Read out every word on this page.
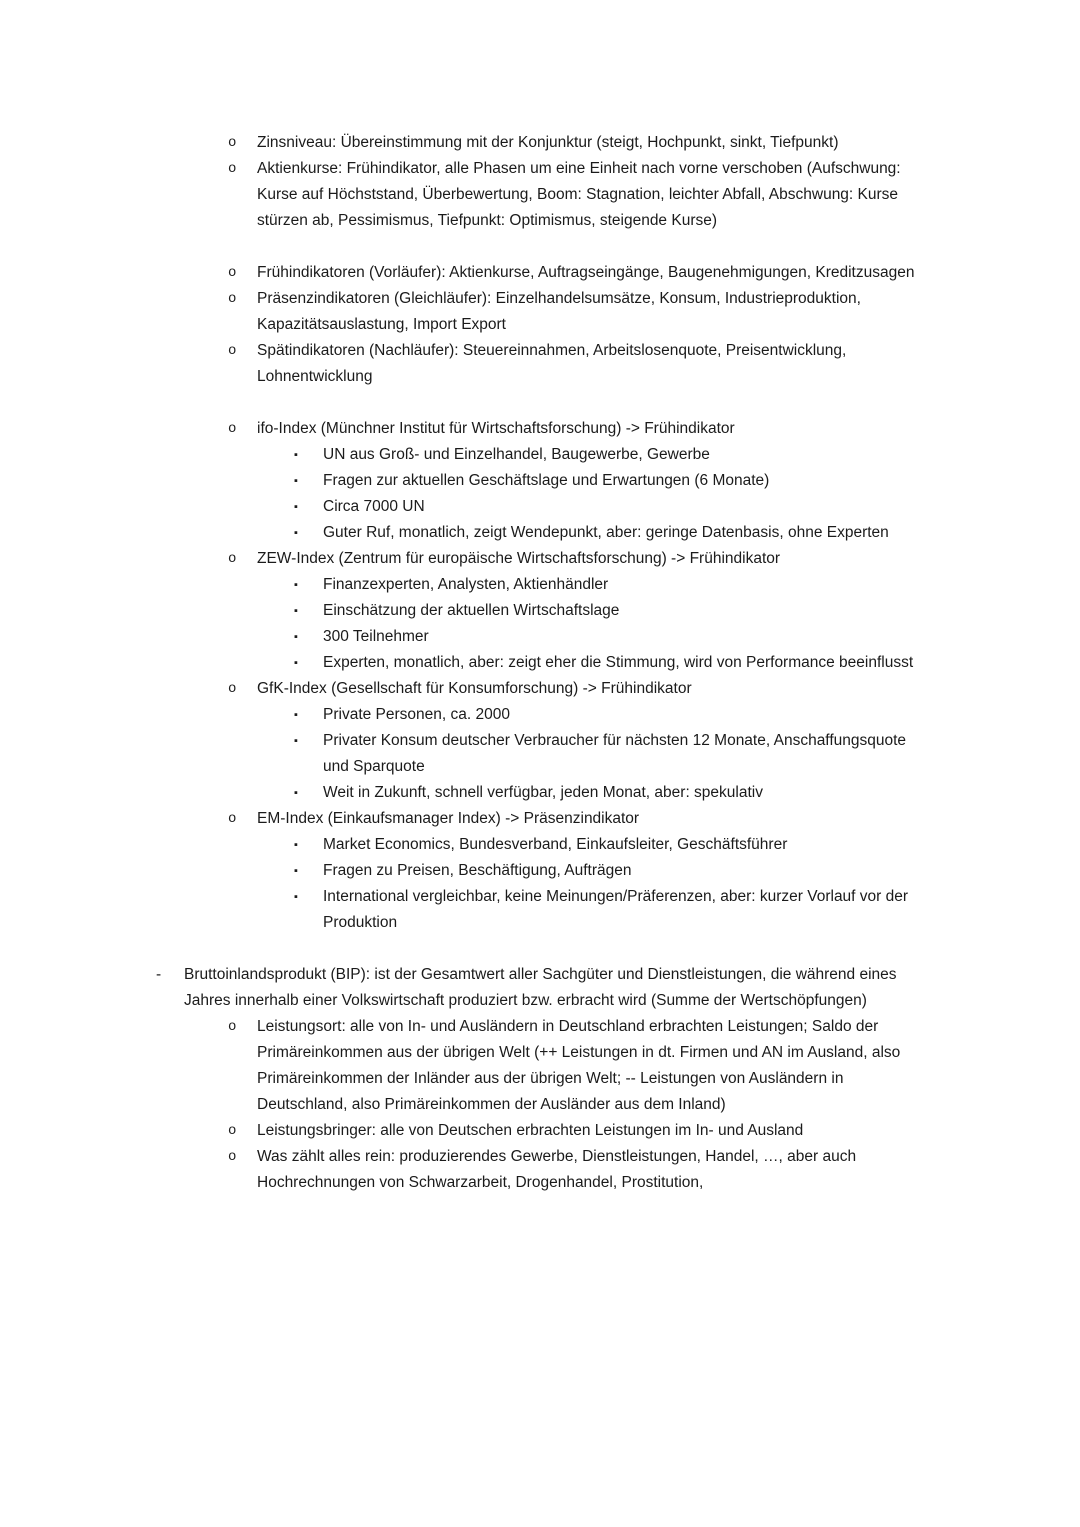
o Zinsniveau: Übereinstimmung mit der Konjunktur (steigt, Hochpunkt, sinkt, Tiefpunkt)
o Aktienkurse: Frühindikator, alle Phasen um eine Einheit nach vorne verschoben (Aufschwung: Kurse auf Höchststand, Überbewertung, Boom: Stagnation, leichter Abfall, Abschwung: Kurse stürzen ab, Pessimismus, Tiefpunkt: Optimismus, steigende Kurse)
o Frühindikatoren (Vorläufer): Aktienkurse, Auftragseingänge, Baugenehmigungen, Kreditzusagen
o Präsenzindikatoren (Gleichläufer): Einzelhandelsumsätze, Konsum, Industrieproduktion, Kapazitätsauslastung, Import Export
o Spätindikatoren (Nachläufer): Steuereinnahmen, Arbeitslosenquote, Preisentwicklung, Lohnentwicklung
o ifo-Index (Münchner Institut für Wirtschaftsforschung) -> Frühindikator
▪ UN aus Groß- und Einzelhandel, Baugewerbe, Gewerbe
▪ Fragen zur aktuellen Geschäftslage und Erwartungen (6 Monate)
▪ Circa 7000 UN
▪ Guter Ruf, monatlich, zeigt Wendepunkt, aber: geringe Datenbasis, ohne Experten
o ZEW-Index (Zentrum für europäische Wirtschaftsforschung) -> Frühindikator
▪ Finanzexperten, Analysten, Aktienhändler
▪ Einschätzung der aktuellen Wirtschaftslage
▪ 300 Teilnehmer
▪ Experten, monatlich, aber: zeigt eher die Stimmung, wird von Performance beeinflusst
o GfK-Index (Gesellschaft für Konsumforschung) -> Frühindikator
▪ Private Personen, ca. 2000
▪ Privater Konsum deutscher Verbraucher für nächsten 12 Monate, Anschaffungsquote und Sparquote
▪ Weit in Zukunft, schnell verfügbar, jeden Monat, aber: spekulativ
o EM-Index (Einkaufsmanager Index) -> Präsenzindikator
▪ Market Economics, Bundesverband, Einkaufsleiter, Geschäftsführer
▪ Fragen zu Preisen, Beschäftigung, Aufträgen
▪ International vergleichbar, keine Meinungen/Präferenzen, aber: kurzer Vorlauf vor der Produktion
- Bruttoinlandsprodukt (BIP): ist der Gesamtwert aller Sachgüter und Dienstleistungen, die während eines Jahres innerhalb einer Volkswirtschaft produziert bzw. erbracht wird (Summe der Wertschöpfungen)
o Leistungsort: alle von In- und Ausländern in Deutschland erbrachten Leistungen; Saldo der Primäreinkommen aus der übrigen Welt (++ Leistungen in dt. Firmen und AN im Ausland, also Primäreinkommen der Inländer aus der übrigen Welt; -- Leistungen von Ausländern in Deutschland, also Primäreinkommen der Ausländer aus dem Inland)
o Leistungsbringer: alle von Deutschen erbrachten Leistungen im In- und Ausland
o Was zählt alles rein: produzierendes Gewerbe, Dienstleistungen, Handel, …, aber auch Hochrechnungen von Schwarzarbeit, Drogenhandel, Prostitution,
